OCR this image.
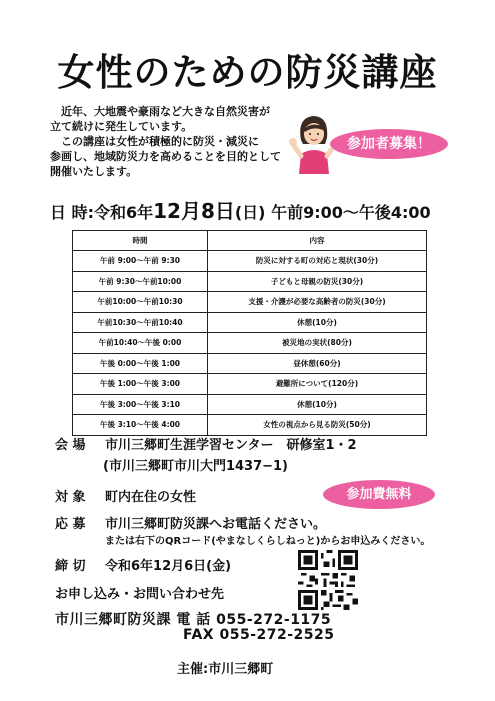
女性のための防災講座

　近年、大地震や豪雨など大きな自然災害が

立て続けに発生しています。

　この講座は女性が積極的に防災・減災に

参画し、地域防災力を高めることを目的として

開催いたします。

参加者募集！
日 時:令和6年12月8日(日) 午前9:00〜午後4:00
時間	内容
午前 9:00〜午前 9:30	防災に対する町の対応と現状(30分)
午前 9:30〜午前10:00	子どもと母親の防災(30分)
午前10:00〜午前10:30	支援・介護が必要な高齢者の防災(30分)
午前10:30〜午前10:40	休憩(10分)
午前10:40〜午後 0:00	被災地の実状(80分)
午後 0:00〜午後 1:00	昼休憩(60分)
午後 1:00〜午後 3:00	避難所について(120分)
午後 3:00〜午後 3:10	休憩(10分)
午後 3:10〜午後 4:00	女性の視点から見る防災(50分)
会 場 市川三郷町生涯学習センター　研修室1・2
(市川三郷町市川大門1437−1)
参加費無料
対 象 町内在住の女性
応 募 市川三郷町防災課へお電話ください。
または右下のQRコード(やまなしくらしねっと)からお申込みください。
締 切 令和6年12月6日(金)
お申し込み・お問い合わせ先
市川三郷町防災課 電 話 055-272-1175
FAX 055-272-2525
主催:市川三郷町
